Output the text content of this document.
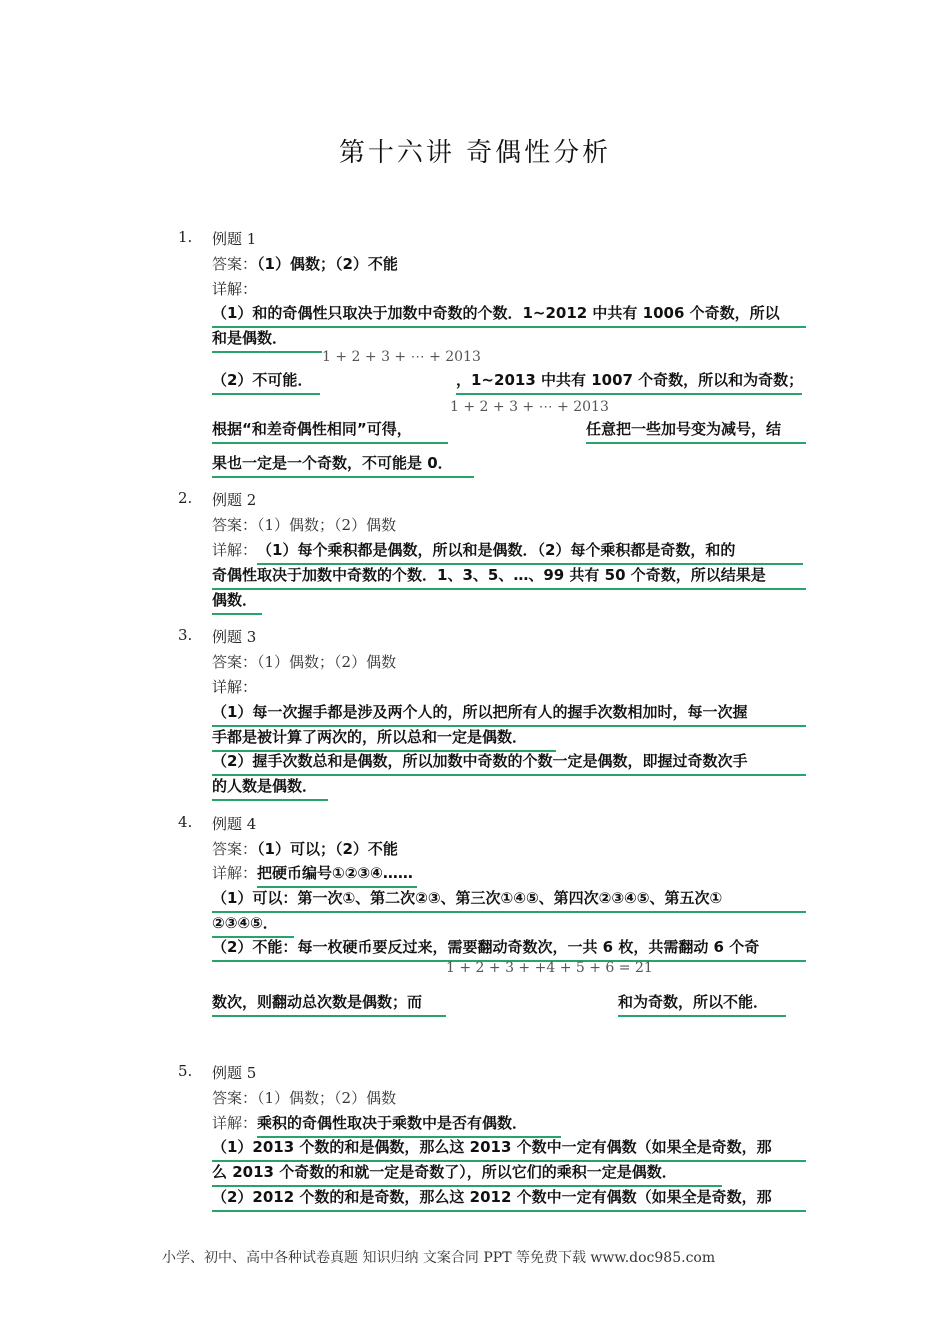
第十六讲 奇偶性分析
1. 例题 1
答案：（1）偶数；（2）不能
详解：
（1）和的奇偶性只取决于加数中奇数的个数．1~2012 中共有 1006 个奇数，所以
和是偶数．
1 + 2 + 3 + ⋯ + 2013
（2）不可能．	，1~2013 中共有 1007 个奇数，所以和为奇数；
1 + 2 + 3 + ⋯ + 2013
根据“和差奇偶性相同”可得，	任意把一些加号变为减号，结
果也一定是一个奇数，不可能是 0．
2. 例题 2
答案：（1）偶数；（2）偶数
详解：（1）每个乘积都是偶数，所以和是偶数．（2）每个乘积都是奇数，和的
奇偶性取决于加数中奇数的个数．1、3、5、…、99 共有 50 个奇数，所以结果是
偶数．
3. 例题 3
答案：（1）偶数；（2）偶数
详解：
（1）每一次握手都是涉及两个人的，所以把所有人的握手次数相加时，每一次握
手都是被计算了两次的，所以总和一定是偶数．
（2）握手次数总和是偶数，所以加数中奇数的个数一定是偶数，即握过奇数次手
的人数是偶数．
4. 例题 4
答案：（1）可以；（2）不能
详解：把硬币编号①②③④……
（1）可以：第一次①、第二次②③、第三次①④⑤、第四次②③④⑤、第五次①
②③④⑤．
（2）不能：每一枚硬币要反过来，需要翻动奇数次，一共 6 枚，共需翻动 6 个奇
1 + 2 + 3 + +4 + 5 + 6 = 21
数次，则翻动总次数是偶数；而	和为奇数，所以不能．
5. 例题 5
答案：（1）偶数；（2）偶数
详解：乘积的奇偶性取决于乘数中是否有偶数．
（1）2013 个数的和是偶数，那么这 2013 个数中一定有偶数（如果全是奇数，那
么 2013 个奇数的和就一定是奇数了），所以它们的乘积一定是偶数．
（2）2012 个数的和是奇数，那么这 2012 个数中一定有偶数（如果全是奇数，那
小学、初中、高中各种试卷真题 知识归纳 文案合同 PPT 等免费下载 www.doc985.com
